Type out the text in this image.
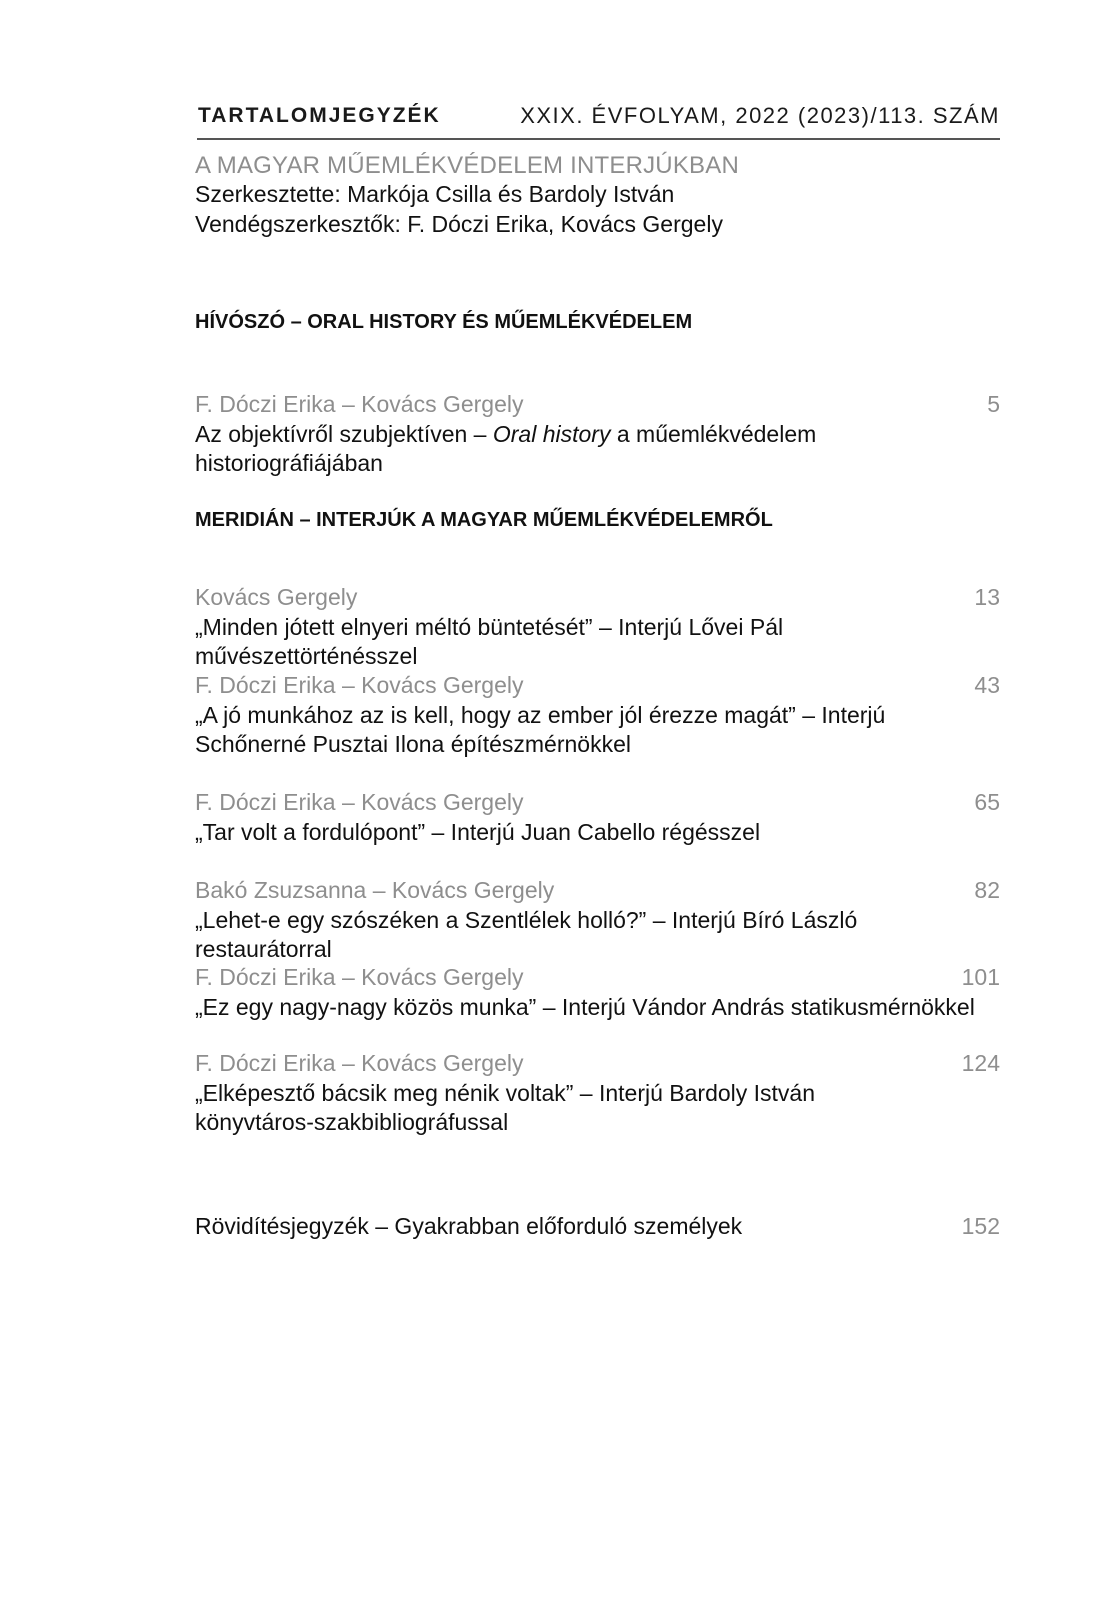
TARTALOMJEGYZÉK	XXIX. ÉVFOLYAM, 2022 (2023)/113. SZÁM
A MAGYAR MŰEMLÉKVÉDELEM INTERJÚKBAN
Szerkesztette: Markója Csilla és Bardoly István
Vendégszerkesztők: F. Dóczi Erika, Kovács Gergely
HÍVÓSZÓ – ORAL HISTORY ÉS MŰEMLÉKVÉDELEM
F. Dóczi Erika – Kovács Gergely	5
Az objektívről szubjektíven – Oral history a műemlékvédelem historiográfiájában
MERIDIÁN – INTERJÚK A MAGYAR MŰEMLÉKVÉDELEMRŐL
Kovács Gergely	13
„Minden jótett elnyeri méltó büntetését” – Interjú Lővei Pál művészettörténésszel
F. Dóczi Erika – Kovács Gergely	43
„A jó munkához az is kell, hogy az ember jól érezze magát” – Interjú Schőnerné Pusztai Ilona építészmérnökkel
F. Dóczi Erika – Kovács Gergely	65
„Tar volt a fordulópont” – Interjú Juan Cabello régésszel
Bakó Zsuzsanna – Kovács Gergely	82
„Lehet-e egy szószéken a Szentlélek holló?” – Interjú Bíró László restaurátorral
F. Dóczi Erika – Kovács Gergely	101
„Ez egy nagy-nagy közös munka” – Interjú Vándor András statikusmérnökkel
F. Dóczi Erika – Kovács Gergely	124
„Elképesztő bácsik meg nénik voltak” – Interjú Bardoly István könyvtáros-szakbibliográfussal
Rövidítésjegyzék – Gyakrabban előforduló személyek	152
